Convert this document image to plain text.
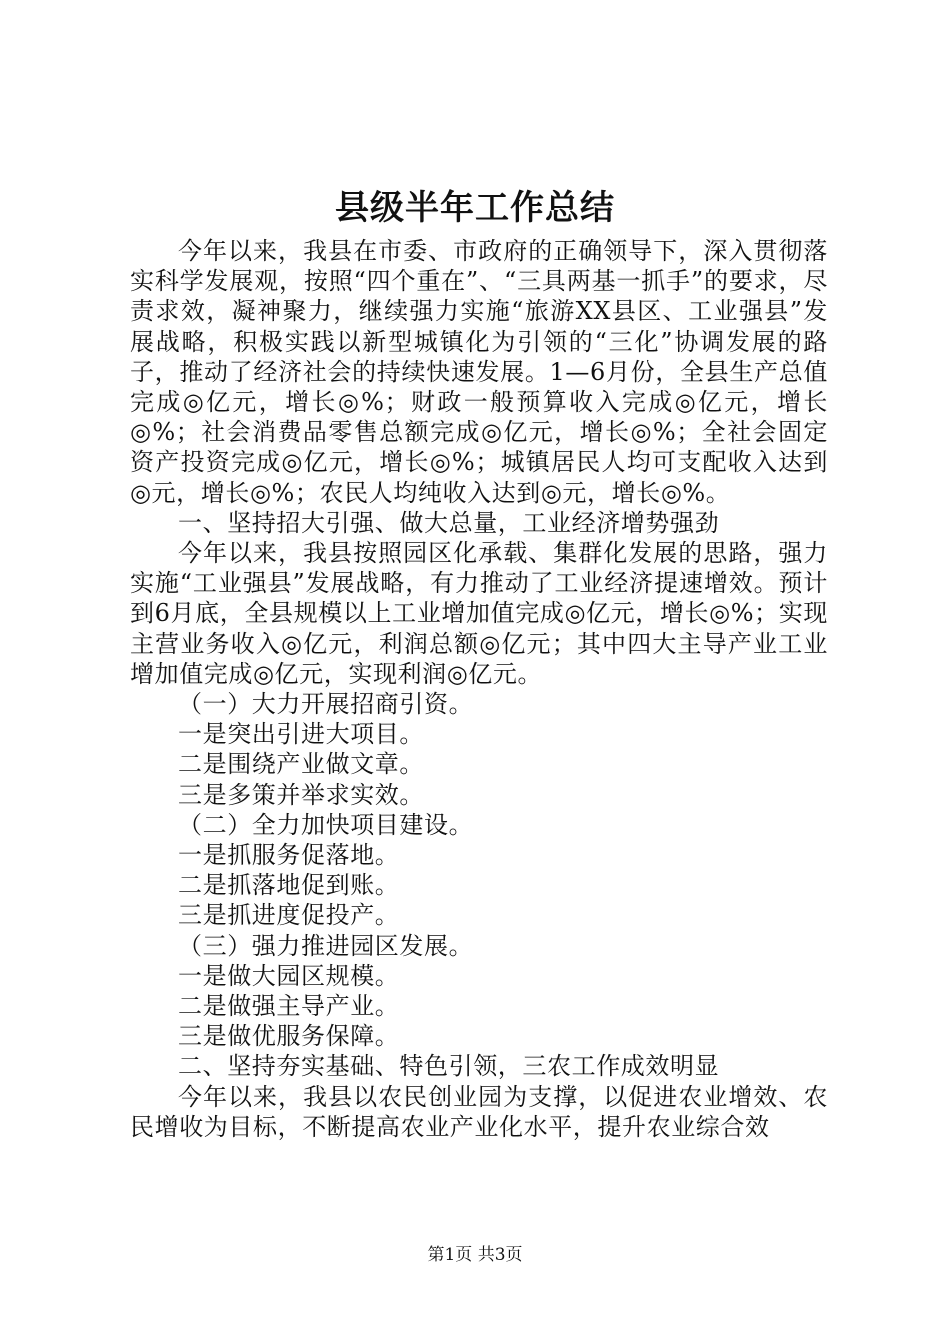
县级半年工作总结

今年以来，我县在市委、市政府的正确领导下，深入贯彻落实科学发展观，按照“四个重在”、“三具两基一抓手”的要求，尽责求效，凝神聚力，继续强力实施“旅游XX县区、工业强县”发展战略，积极实践以新型城镇化为引领的“三化”协调发展的路子，推动了经济社会的持续快速发展。1—6月份，全县生产总值完成◎亿元，增长◎%；财政一般预算收入完成◎亿元，增长◎%；社会消费品零售总额完成◎亿元，增长◎%；全社会固定资产投资完成◎亿元，增长◎%；城镇居民人均可支配收入达到◎元，增长◎%；农民人均纯收入达到◎元，增长◎%。

一、坚持招大引强、做大总量，工业经济增势强劲

今年以来，我县按照园区化承载、集群化发展的思路，强力实施“工业强县”发展战略，有力推动了工业经济提速增效。预计到6月底，全县规模以上工业增加值完成◎亿元，增长◎%；实现主营业务收入◎亿元，利润总额◎亿元；其中四大主导产业工业增加值完成◎亿元，实现利润◎亿元。

（一）大力开展招商引资。

一是突出引进大项目。

二是围绕产业做文章。

三是多策并举求实效。

（二）全力加快项目建设。

一是抓服务促落地。

二是抓落地促到账。

三是抓进度促投产。

（三）强力推进园区发展。

一是做大园区规模。

二是做强主导产业。

三是做优服务保障。

二、坚持夯实基础、特色引领，三农工作成效明显

今年以来，我县以农民创业园为支撑，以促进农业增效、农民增收为目标，不断提高农业产业化水平，提升农业综合效

第1页 共3页
